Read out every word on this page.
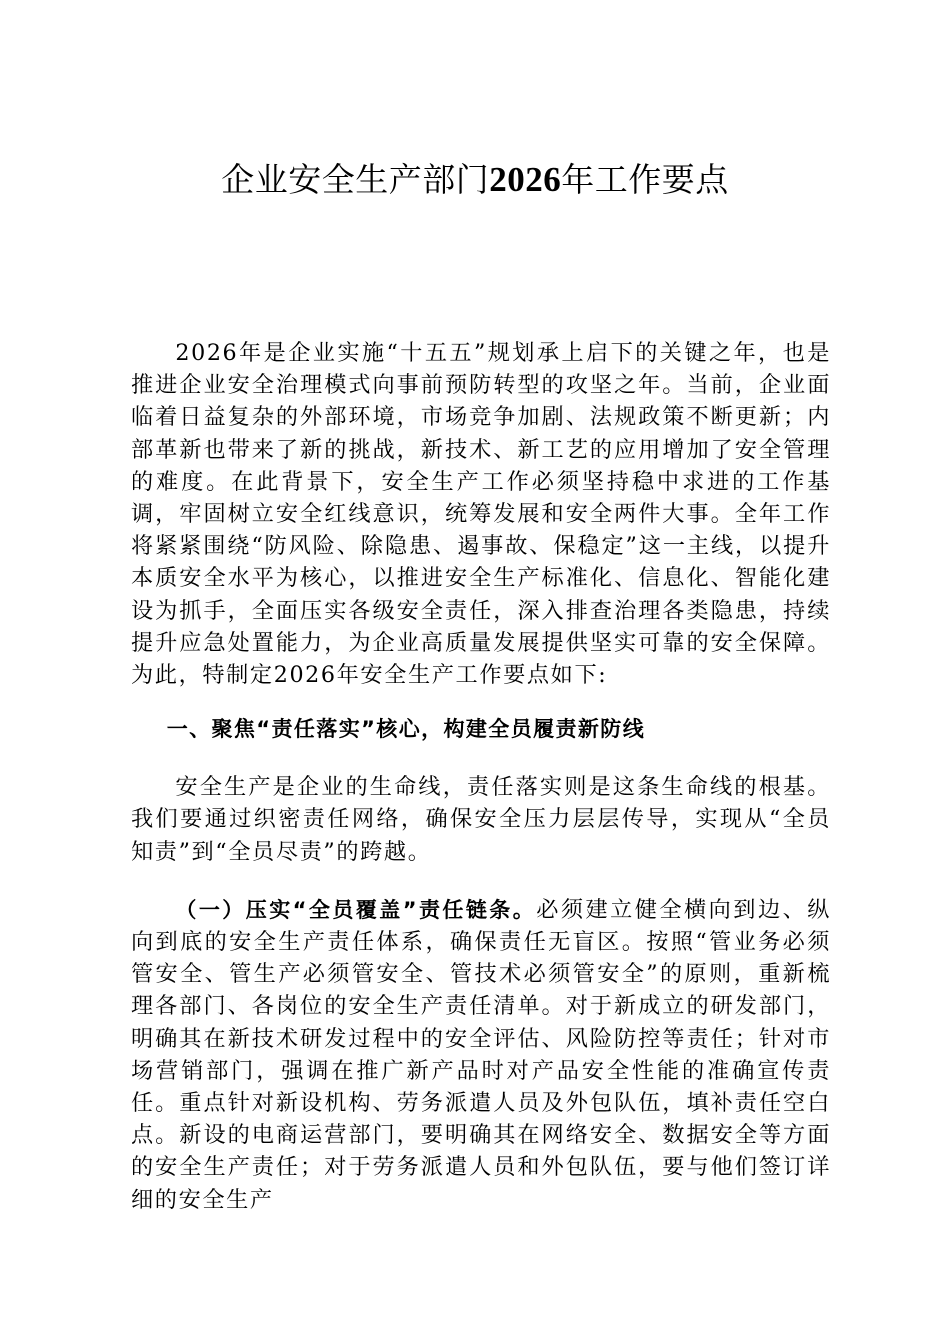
企业安全生产部门2026年工作要点

2026年是企业实施“十五五”规划承上启下的关键之年，也是推进企业安全治理模式向事前预防转型的攻坚之年。当前，企业面临着日益复杂的外部环境，市场竞争加剧、法规政策不断更新；内部革新也带来了新的挑战，新技术、新工艺的应用增加了安全管理的难度。在此背景下，安全生产工作必须坚持稳中求进的工作基调，牢固树立安全红线意识，统筹发展和安全两件大事。全年工作将紧紧围绕“防风险、除隐患、遏事故、保稳定”这一主线，以提升本质安全水平为核心，以推进安全生产标准化、信息化、智能化建设为抓手，全面压实各级安全责任，深入排查治理各类隐患，持续提升应急处置能力，为企业高质量发展提供坚实可靠的安全保障。为此，特制定2026年安全生产工作要点如下:

一、聚焦“责任落实”核心，构建全员履责新防线

安全生产是企业的生命线，责任落实则是这条生命线的根基。我们要通过织密责任网络，确保安全压力层层传导，实现从“全员知责”到“全员尽责”的跨越。

（一）压实“全员覆盖”责任链条。必须建立健全横向到边、纵向到底的安全生产责任体系，确保责任无盲区。按照“管业务必须管安全、管生产必须管安全、管技术必须管安全”的原则，重新梳理各部门、各岗位的安全生产责任清单。对于新成立的研发部门，明确其在新技术研发过程中的安全评估、风险防控等责任；针对市场营销部门，强调在推广新产品时对产品安全性能的准确宣传责任。重点针对新设机构、劳务派遣人员及外包队伍，填补责任空白点。新设的电商运营部门，要明确其在网络安全、数据安全等方面的安全生产责任；对于劳务派遣人员和外包队伍，要与他们签订详细的安全生产
